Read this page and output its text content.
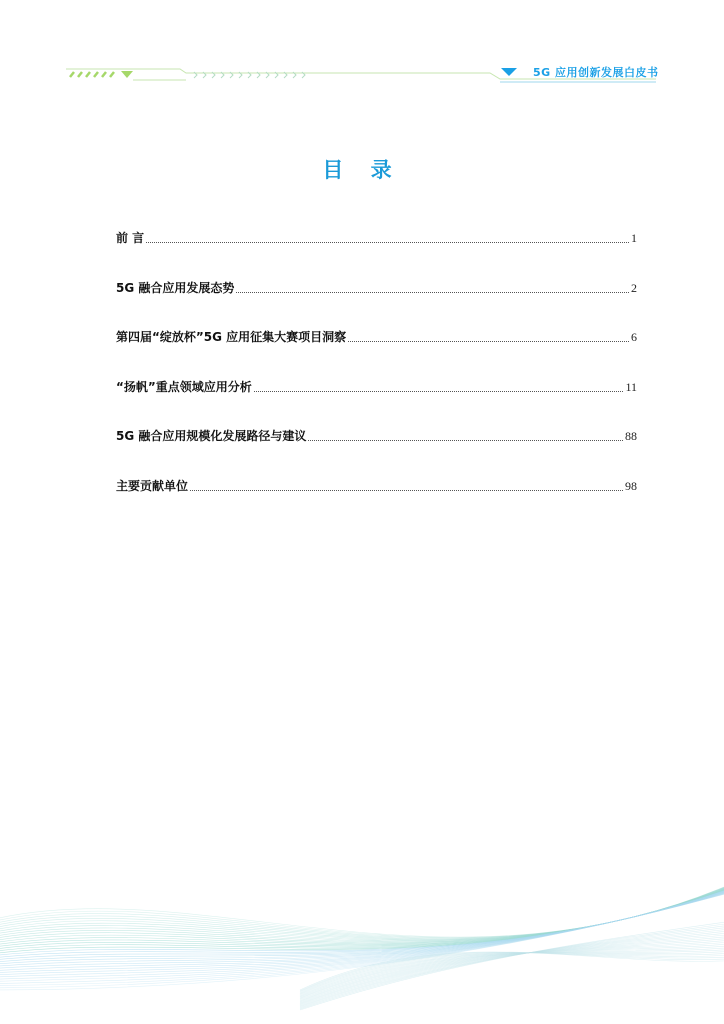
5G 应用创新发展白皮书
目 录
前 言	1
5G 融合应用发展态势	2
第四届“绽放杯”5G 应用征集大赛项目洞察	6
“扬帆”重点领域应用分析	11
5G 融合应用规模化发展路径与建议	88
主要贡献单位	98
